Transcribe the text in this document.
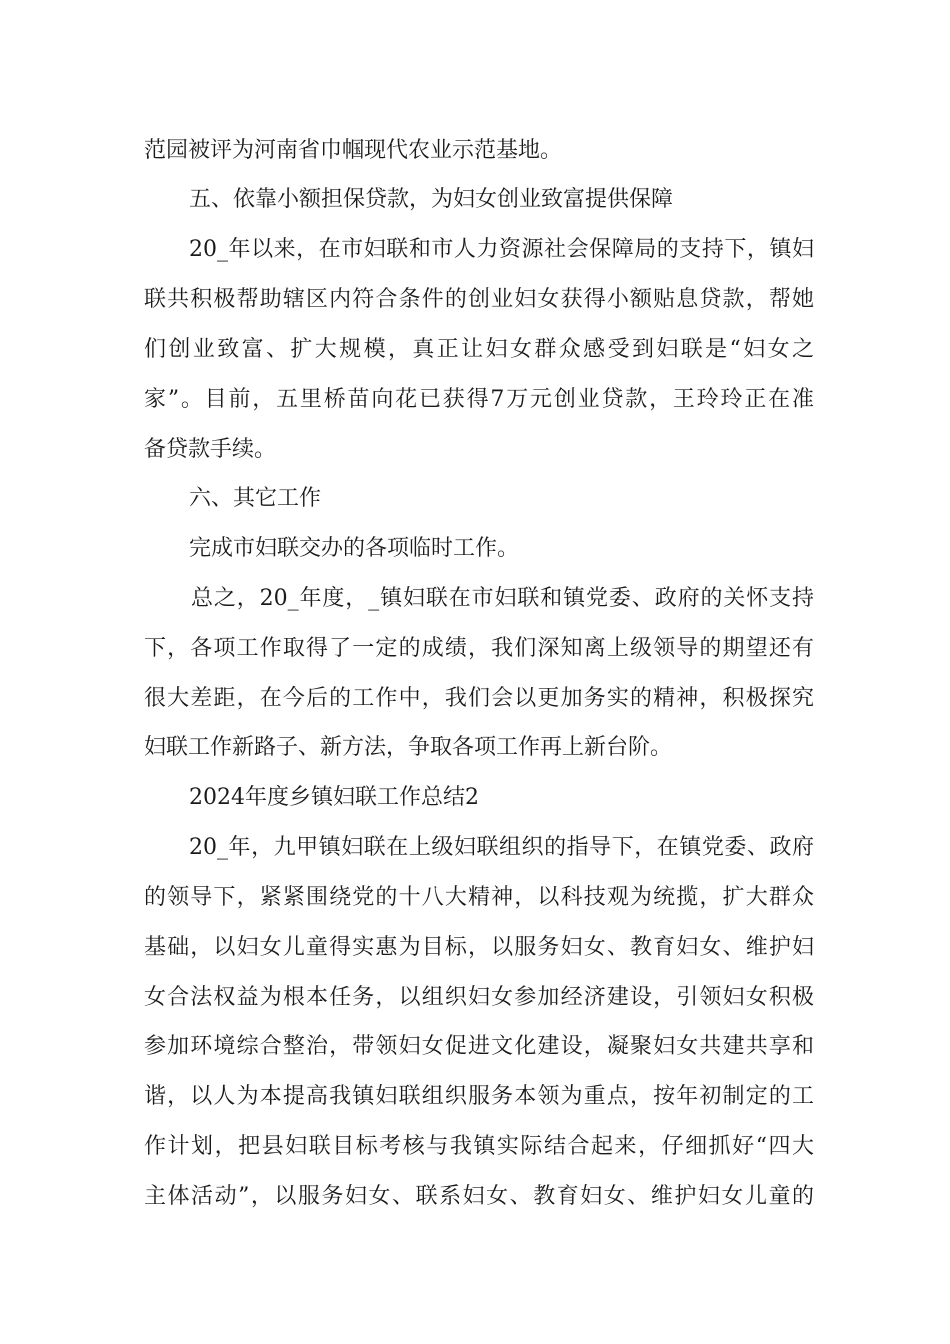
范园被评为河南省巾帼现代农业示范基地。
五、依靠小额担保贷款，为妇女创业致富提供保障
20_年以来，在市妇联和市人力资源社会保障局的支持下，镇妇
联共积极帮助辖区内符合条件的创业妇女获得小额贴息贷款，帮她
们创业致富、扩大规模，真正让妇女群众感受到妇联是“妇女之
家”。目前，五里桥苗向花已获得7万元创业贷款，王玲玲正在准
备贷款手续。
六、其它工作
完成市妇联交办的各项临时工作。
总之，20_年度，_镇妇联在市妇联和镇党委、政府的关怀支持
下，各项工作取得了一定的成绩，我们深知离上级领导的期望还有
很大差距，在今后的工作中，我们会以更加务实的精神，积极探究
妇联工作新路子、新方法，争取各项工作再上新台阶。
2024年度乡镇妇联工作总结2
20_年，九甲镇妇联在上级妇联组织的指导下，在镇党委、政府
的领导下，紧紧围绕党的十八大精神，以科技观为统揽，扩大群众
基础，以妇女儿童得实惠为目标，以服务妇女、教育妇女、维护妇
女合法权益为根本任务，以组织妇女参加经济建设，引领妇女积极
参加环境综合整治，带领妇女促进文化建设，凝聚妇女共建共享和
谐，以人为本提高我镇妇联组织服务本领为重点，按年初制定的工
作计划，把县妇联目标考核与我镇实际结合起来，仔细抓好“四大
主体活动”，以服务妇女、联系妇女、教育妇女、维护妇女儿童的
